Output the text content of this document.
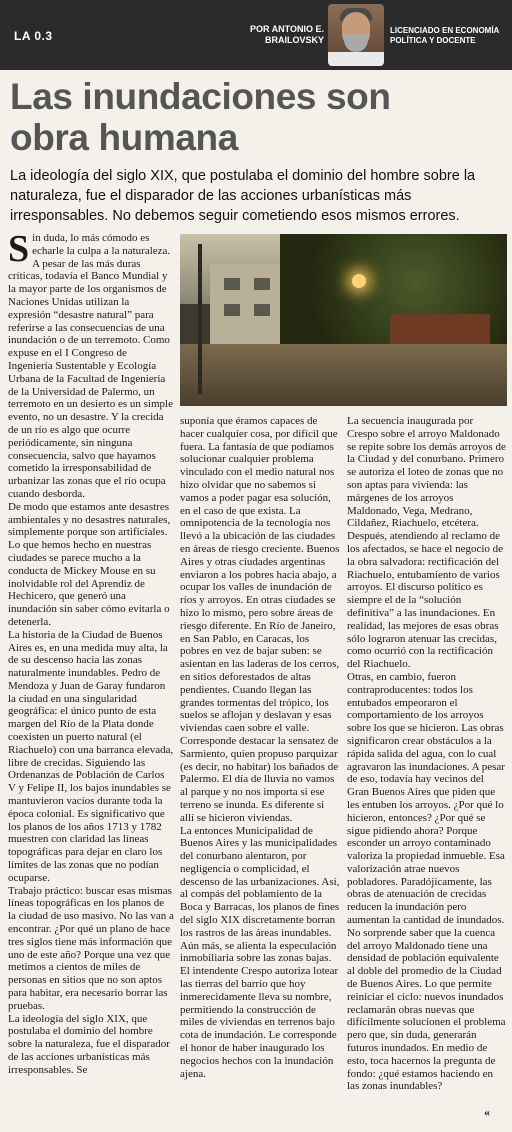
LA 0.3	POR ANTONIO E.
BRAILOVSKY
LICENCIADO EN ECONOMÍA
POLÍTICA Y DOCENTE
Las inundaciones son
obra humana

La ideología del siglo XIX, que postulaba el dominio del hombre sobre la naturaleza, fue el disparador de las acciones urbanísticas más irresponsables. No debemos seguir cometiendo esos mismos errores.

Sin duda, lo más cómodo es echarle la culpa a la naturaleza. A pesar de las más duras críticas, todavía el Banco Mundial y la mayor parte de los organismos de Naciones Unidas utilizan la expresión “desastre natural” para referirse a las consecuencias de una inundación o de un terremoto. Como expuse en el I Congreso de Ingeniería Sustentable y Ecología Urbana de la Facultad de Ingeniería de la Universidad de Palermo, un terremoto en un desierto es un simple evento, no un desastre. Y la crecida de un río es algo que ocurre periódicamente, sin ninguna consecuencia, salvo que hayamos cometido la irresponsabilidad de urbanizar las zonas que el río ocupa cuando desborda.

De modo que estamos ante desastres ambientales y no desastres naturales, simplemente porque son artificiales. Lo que hemos hecho en nuestras ciudades se parece mucho a la conducta de Mickey Mouse en su inolvidable rol del Aprendiz de Hechicero, que generó una inundación sin saber cómo evitarla o detenerla.

La historia de la Ciudad de Buenos Aires es, en una medida muy alta, la de su descenso hacia las zonas naturalmente inundables. Pedro de Mendoza y Juan de Garay fundaron la ciudad en una singularidad geográfica: el único punto de esta margen del Río de la Plata donde coexisten un puerto natural (el Riachuelo) con una barranca elevada, libre de crecidas. Siguiendo las Ordenanzas de Población de Carlos V y Felipe II, los bajos inundables se mantuvieron vacíos durante toda la época colonial. Es significativo que los planos de los años 1713 y 1782 muestren con claridad las líneas topográficas para dejar en claro los límites de las zonas que no podían ocuparse.

Trabajo práctico: buscar esas mismas líneas topográficas en los planos de la ciudad de uso masivo. No las van a encontrar. ¿Por qué un plano de hace tres siglos tiene más información que uno de este año? Porque una vez que metimos a cientos de miles de personas en sitios que no son aptos para habitar, era necesario borrar las pruebas.

La ideología del siglo XIX, que postulaba el dominio del hombre sobre la naturaleza, fue el disparador de las acciones urbanísticas más irresponsables. Se

suponía que éramos capaces de hacer cualquier cosa, por difícil que fuera. La fantasía de que podíamos solucionar cualquier problema vinculado con el medio natural nos hizo olvidar que no sabemos si vamos a poder pagar esa solución, en el caso de que exista. La omnipotencia de la tecnología nos llevó a la ubicación de las ciudades en áreas de riesgo creciente. Buenos Aires y otras ciudades argentinas enviaron a los pobres hacia abajo, a ocupar los valles de inundación de ríos y arroyos. En otras ciudades se hizo lo mismo, pero sobre áreas de riesgo diferente. En Río de Janeiro, en San Pablo, en Caracas, los pobres en vez de bajar suben: se asientan en las laderas de los cerros, en sitios deforestados de altas pendientes. Cuando llegan las grandes tormentas del trópico, los suelos se aflojan y deslavan y esas viviendas caen sobre el valle.

Corresponde destacar la sensatez de Sarmiento, quien propuso parquizar (es decir, no habitar) los bañados de Palermo. El día de lluvia no vamos al parque y no nos importa si ese terreno se inunda. Es diferente si allí se hicieron viviendas.

La entonces Municipalidad de Buenos Aires y las municipalidades del conurbano alentaron, por negligencia o complicidad, el descenso de las urbanizaciones. Así, al compás del poblamiento de la Boca y Barracas, los planos de fines del siglo XIX discretamente borran los rastros de las áreas inundables.

Aún más, se alienta la especulación inmobiliaria sobre las zonas bajas. El intendente Crespo autoriza lotear las tierras del barrio que hoy inmerecidamente lleva su nombre, permitiendo la construcción de miles de viviendas en terrenos bajo cota de inundación. Le corresponde el honor de haber inaugurado los negocios hechos con la inundación ajena.

La secuencia inaugurada por Crespo sobre el arroyo Maldonado se repite sobre los demás arroyos de la Ciudad y del conurbano. Primero se autoriza el loteo de zonas que no son aptas para vivienda: las márgenes de los arroyos Maldonado, Vega, Medrano, Cildañez, Riachuelo, etcétera.

Después, atendiendo al reclamo de los afectados, se hace el negocio de la obra salvadora: rectificación del Riachuelo, entubamiento de varios arroyos. El discurso político es siempre el de la “solución definitiva” a las inundaciones. En realidad, las mejores de esas obras sólo lograron atenuar las crecidas, como ocurrió con la rectificación del Riachuelo.

Otras, en cambio, fueron contraproducentes: todos los entubados empeoraron el comportamiento de los arroyos sobre los que se hicieron. Las obras significaron crear obstáculos a la rápida salida del agua, con lo cual agravaron las inundaciones. A pesar de eso, todavía hay vecinos del Gran Buenos Aires que piden que les entuben los arroyos. ¿Por qué lo hicieron, entonces? ¿Por qué se sigue pidiendo ahora? Porque esconder un arroyo contaminado valoriza la propiedad inmueble. Esa valorización atrae nuevos pobladores. Paradójicamente, las obras de atenuación de crecidas reducen la inundación pero aumentan la cantidad de inundados. No sorprende saber que la cuenca del arroyo Maldonado tiene una densidad de población equivalente al doble del promedio de la Ciudad de Buenos Aires. Lo que permite reiniciar el ciclo: nuevos inundados reclamarán obras nuevas que difícilmente solucionen el problema pero que, sin duda, generarán futuros inundados. En medio de esto, toca hacernos la pregunta de fondo: ¿qué estamos haciendo en las zonas inundables?

«
